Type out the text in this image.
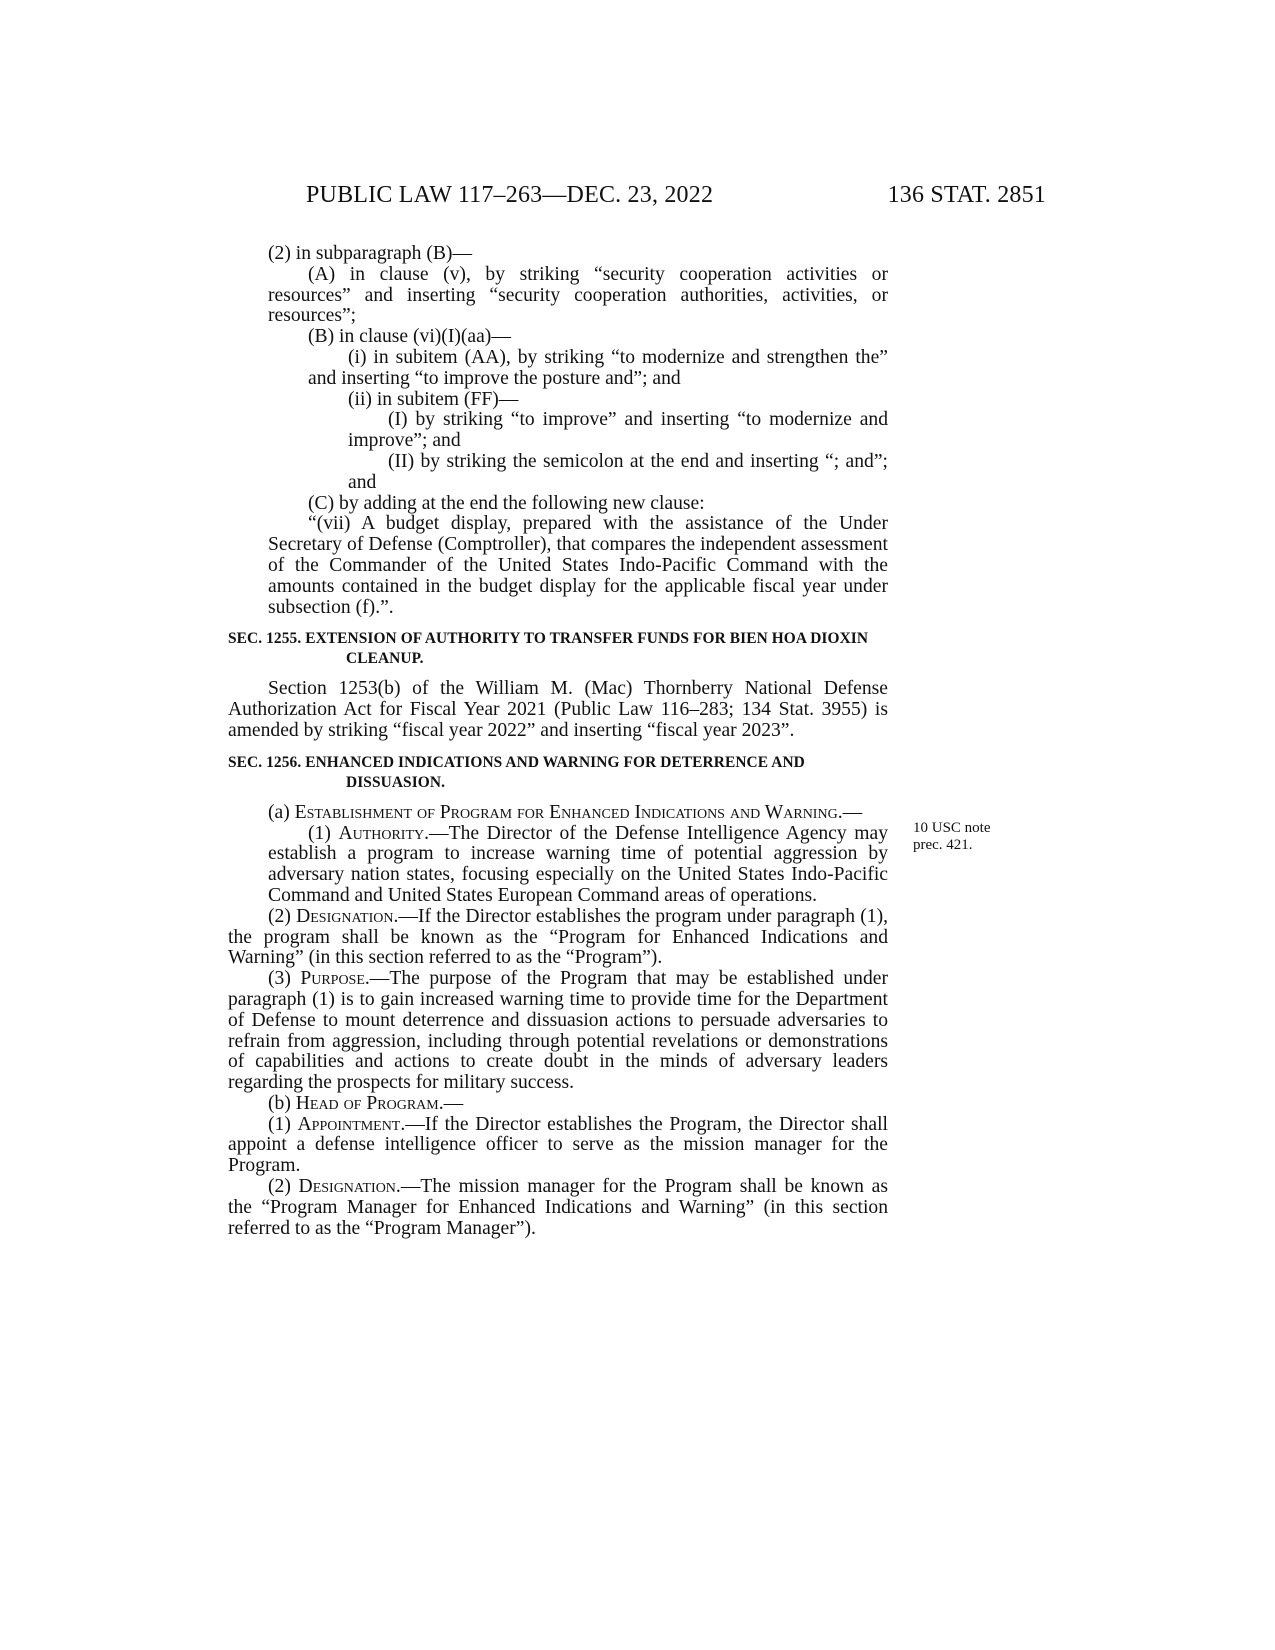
PUBLIC LAW 117–263—DEC. 23, 2022	136 STAT. 2851

(2) in subparagraph (B)—

(A) in clause (v), by striking “security cooperation activities or resources” and inserting “security cooperation authorities, activities, or resources”;

(B) in clause (vi)(I)(aa)—

(i) in subitem (AA), by striking “to modernize and strengthen the” and inserting “to improve the posture and”; and

(ii) in subitem (FF)—

(I) by striking “to improve” and inserting “to modernize and improve”; and

(II) by striking the semicolon at the end and inserting “; and”; and

(C) by adding at the end the following new clause:

“(vii) A budget display, prepared with the assistance of the Under Secretary of Defense (Comptroller), that compares the independent assessment of the Commander of the United States Indo-Pacific Command with the amounts contained in the budget display for the applicable fiscal year under subsection (f).”.

SEC. 1255. EXTENSION OF AUTHORITY TO TRANSFER FUNDS FOR BIEN HOA DIOXIN CLEANUP.

Section 1253(b) of the William M. (Mac) Thornberry National Defense Authorization Act for Fiscal Year 2021 (Public Law 116–283; 134 Stat. 3955) is amended by striking “fiscal year 2022” and inserting “fiscal year 2023”.

SEC. 1256. ENHANCED INDICATIONS AND WARNING FOR DETERRENCE AND DISSUASION.

(a) Establishment of Program for Enhanced Indications and Warning.—

(1) Authority.—The Director of the Defense Intelligence Agency may establish a program to increase warning time of potential aggression by adversary nation states, focusing especially on the United States Indo-Pacific Command and United States European Command areas of operations.

(2) Designation.—If the Director establishes the program under paragraph (1), the program shall be known as the “Program for Enhanced Indications and Warning” (in this section referred to as the “Program”).

(3) Purpose.—The purpose of the Program that may be established under paragraph (1) is to gain increased warning time to provide time for the Department of Defense to mount deterrence and dissuasion actions to persuade adversaries to refrain from aggression, including through potential revelations or demonstrations of capabilities and actions to create doubt in the minds of adversary leaders regarding the prospects for military success.

(b) Head of Program.—

(1) Appointment.—If the Director establishes the Program, the Director shall appoint a defense intelligence officer to serve as the mission manager for the Program.

(2) Designation.—The mission manager for the Program shall be known as the “Program Manager for Enhanced Indications and Warning” (in this section referred to as the “Program Manager”).

10 USC note
prec. 421.
